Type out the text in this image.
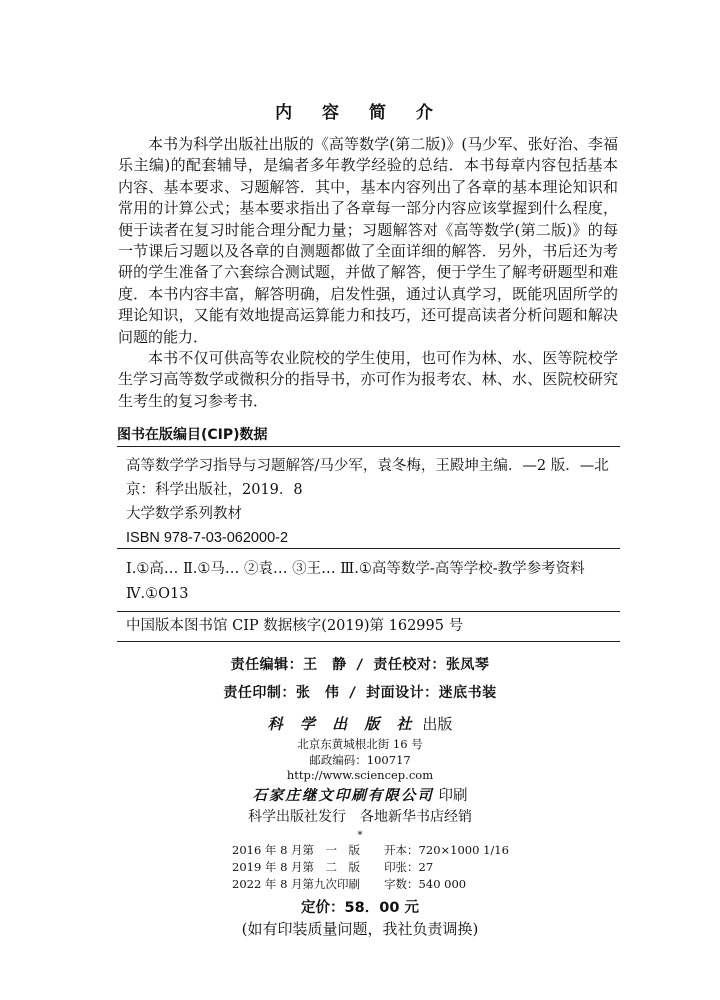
内 容 简 介

本书为科学出版社出版的《高等数学(第二版)》(马少军、张好治、李福乐主编)的配套辅导，是编者多年教学经验的总结．本书每章内容包括基本内容、基本要求、习题解答．其中，基本内容列出了各章的基本理论知识和常用的计算公式；基本要求指出了各章每一部分内容应该掌握到什么程度，便于读者在复习时能合理分配力量；习题解答对《高等数学(第二版)》的每一节课后习题以及各章的自测题都做了全面详细的解答．另外，书后还为考研的学生准备了六套综合测试题，并做了解答，便于学生了解考研题型和难度．本书内容丰富，解答明确，启发性强，通过认真学习，既能巩固所学的理论知识，又能有效地提高运算能力和技巧，还可提高读者分析问题和解决问题的能力．

本书不仅可供高等农业院校的学生使用，也可作为林、水、医等院校学生学习高等数学或微积分的指导书，亦可作为报考农、林、水、医院校研究生考生的复习参考书．

图书在版编目(CIP)数据
高等数学学习指导与习题解答/马少军，袁冬梅，王殿坤主编．—2 版．—北京：科学出版社，2019．8
大学数学系列教材
ISBN 978-7-03-062000-2
Ⅰ.①高… Ⅱ.①马… ②袁… ③王… Ⅲ.①高等数学-高等学校-教学参考资料 Ⅳ.①O13
中国版本图书馆 CIP 数据核字(2019)第 162995 号
责任编辑：王　静 / 责任校对：张凤琴
责任印制：张　伟 / 封面设计：迷底书装
科 学 出 版 社 出版
北京东黄城根北街 16 号
邮政编码：100717
http://www.sciencep.com
石家庄继文印刷有限公司 印刷
科学出版社发行　各地新华书店经销
*
2016 年 8 月第　一　版	开本：720×1000 1/16
2019 年 8 月第　二　版	印张：27
2022 年 8 月第九次印刷	字数：540 000
定价：58．00 元
(如有印装质量问题，我社负责调换)
